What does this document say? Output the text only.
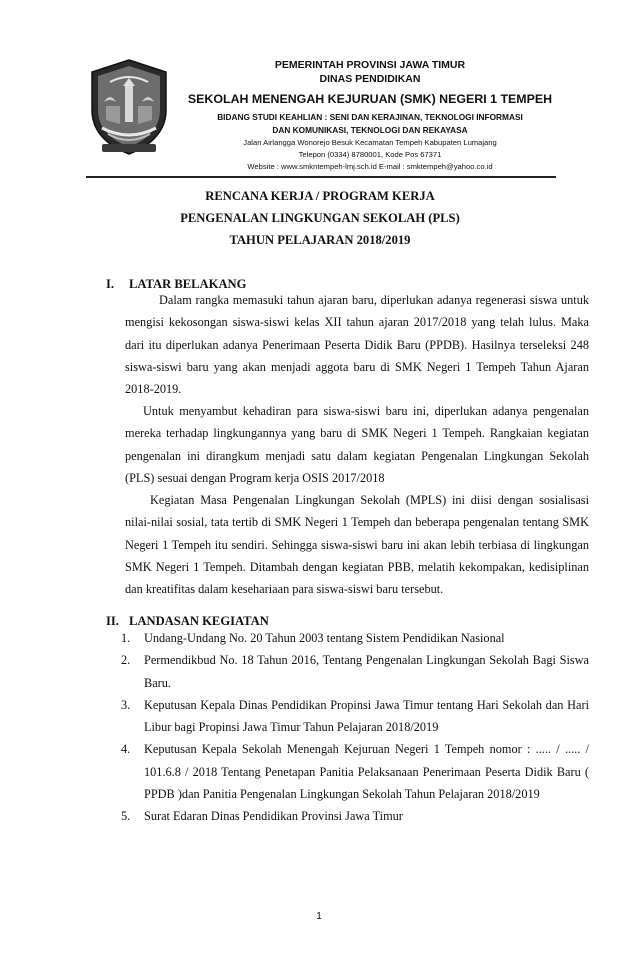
PEMERINTAH PROVINSI JAWA TIMUR
DINAS PENDIDIKAN
SEKOLAH MENENGAH KEJURUAN (SMK) NEGERI 1 TEMPEH
BIDANG STUDI KEAHLIAN : SENI DAN KERAJINAN, TEKNOLOGI INFORMASI
DAN KOMUNIKASI, TEKNOLOGI DAN REKAYASA
Jalan Airlangga Wonorejo Besuk Kecamatan Tempeh Kabupaten Lumajang
Telepon (0334) 8780001, Kode Pos 67371
Website : www.smkntempeh-lmj.sch.id E-mail : smktempeh@yahoo.co.id
RENCANA KERJA / PROGRAM KERJA
PENGENALAN LINGKUNGAN SEKOLAH (PLS)
TAHUN PELAJARAN 2018/2019
I. LATAR BELAKANG

Dalam rangka memasuki tahun ajaran baru, diperlukan adanya regenerasi siswa untuk mengisi kekosongan siswa-siswi kelas XII tahun ajaran 2017/2018 yang telah lulus. Maka dari itu diperlukan adanya Penerimaan Peserta Didik Baru (PPDB). Hasilnya terseleksi 248 siswa-siswi baru yang akan menjadi aggota baru di SMK Negeri 1 Tempeh Tahun Ajaran 2018-2019.

Untuk menyambut kehadiran para siswa-siswi baru ini, diperlukan adanya pengenalan mereka terhadap lingkungannya yang baru di SMK Negeri 1 Tempeh. Rangkaian kegiatan pengenalan ini dirangkum menjadi satu dalam kegiatan Pengenalan Lingkungan Sekolah (PLS) sesuai dengan Program kerja OSIS 2017/2018

Kegiatan Masa Pengenalan Lingkungan Sekolah (MPLS) ini diisi dengan sosialisasi nilai-nilai sosial, tata tertib di SMK Negeri 1 Tempeh dan beberapa pengenalan tentang SMK Negeri 1 Tempeh itu sendiri. Sehingga siswa-siswi baru ini akan lebih terbiasa di lingkungan SMK Negeri 1 Tempeh. Ditambah dengan kegiatan PBB, melatih kekompakan, kedisiplinan dan kreatifitas dalam kesehariaan para siswa-siswi baru tersebut.

II. LANDASAN KEGIATAN
1. Undang-Undang No. 20 Tahun 2003 tentang Sistem Pendidikan Nasional
2. Permendikbud No. 18 Tahun 2016, Tentang Pengenalan Lingkungan Sekolah Bagi Siswa Baru.
3. Keputusan Kepala Dinas Pendidikan Propinsi Jawa Timur tentang Hari Sekolah dan Hari Libur bagi Propinsi Jawa Timur Tahun Pelajaran 2018/2019
4. Keputusan Kepala Sekolah Menengah Kejuruan Negeri 1 Tempeh nomor : ..... / ..... / 101.6.8 / 2018 Tentang Penetapan Panitia Pelaksanaan Penerimaan Peserta Didik Baru ( PPDB )dan Panitia Pengenalan Lingkungan Sekolah Tahun Pelajaran 2018/2019
5. Surat Edaran Dinas Pendidikan Provinsi Jawa Timur
1
